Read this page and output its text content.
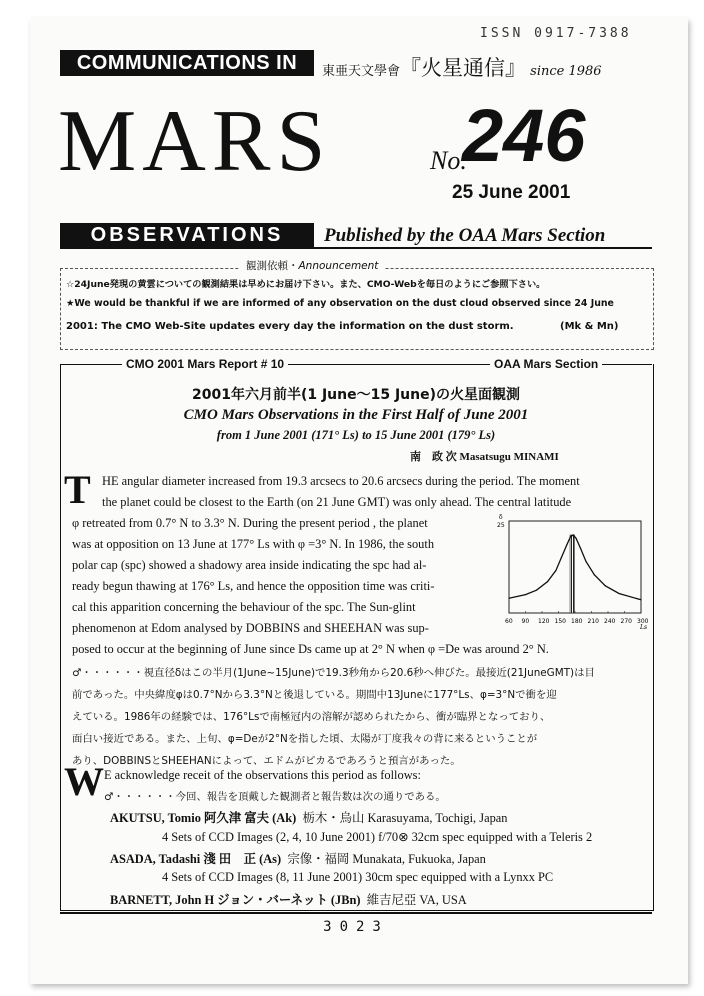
ISSN 0917-7388
COMMUNICATIONS IN	東亜天文學會『火星通信』 since 1986
MARS	No.
246
25 June 2001
OBSERVATIONS	Published by the OAA Mars Section
観測依頼・Announcement
☆24June発現の黄雲についての観測結果は早めにお届け下さい。また、CMO-Webを毎日のようにご参照下さい。
★We would be thankful if we are informed of any observation on the dust cloud observed since 24 June
2001: The CMO Web-Site updates every day the information on the dust storm.	(Mk & Mn)
CMO 2001 Mars Report # 10	OAA Mars Section
2001年六月前半(1 June～15 June)の火星面観測
CMO Mars Observations in the First Half of June 2001
from 1 June 2001 (171° Ls) to 15 June 2001 (179° Ls)
南　政 次 Masatsugu MINAMI
T HE angular diameter increased from 19.3 arcsecs to 20.6 arcsecs during the period. The moment
the planet could be closest to the Earth (on 21 June GMT) was only ahead. The central latitude
φ retreated from 0.7° N to 3.3° N. During the present period , the planet
was at opposition on 13 June at 177° Ls with φ =3° N. In 1986, the south
polar cap (spc) showed a shadowy area inside indicating the spc had al-
ready begun thawing at 176° Ls, and hence the opposition time was criti-
cal this apparition concerning the behaviour of the spc. The Sun-glint
phenomenon at Edom analysed by DOBBINS and SHEEHAN was sup-
posed to occur at the beginning of June since Ds came up at 2° N when φ =De was around 2° N.
60 90 120 150 180 210 240 270 300
δ
25
Ls
♂・・・・・・視直径δはこの半月(1June~15June)で19.3秒角から20.6秒へ伸びた。最接近(21JuneGMT)は目
前であった。中央緯度φは0.7°Nから3.3°Nと後退している。期間中13Juneに177°Ls、φ=3°Nで衝を迎
えている。1986年の経験では、176°Lsで南極冠内の溶解が認められたから、衝が臨界となっており、
面白い接近である。また、上旬、φ=Deが2°Nを指した頃、太陽が丁度我々の背に来るということが
あり、DOBBINSとSHEEHANによって、エドムがピカるであろうと預言があった。
W E acknowledge receit of the observations this period as follows:
♂・・・・・・今回、報告を頂戴した観測者と報告数は次の通りである。
AKUTSU, Tomio 阿久津 富夫 (Ak) 栃木・烏山 Karasuyama, Tochigi, Japan
4 Sets of CCD Images (2, 4, 10 June 2001) f/70⊗ 32cm spec equipped with a Teleris 2
ASADA, Tadashi 淺 田　正 (As) 宗像・福岡 Munakata, Fukuoka, Japan
4 Sets of CCD Images (8, 11 June 2001) 30cm spec equipped with a Lynxx PC
BARNETT, John H ジョン・バーネット (JBn) 維吉尼亞 VA, USA
3023
